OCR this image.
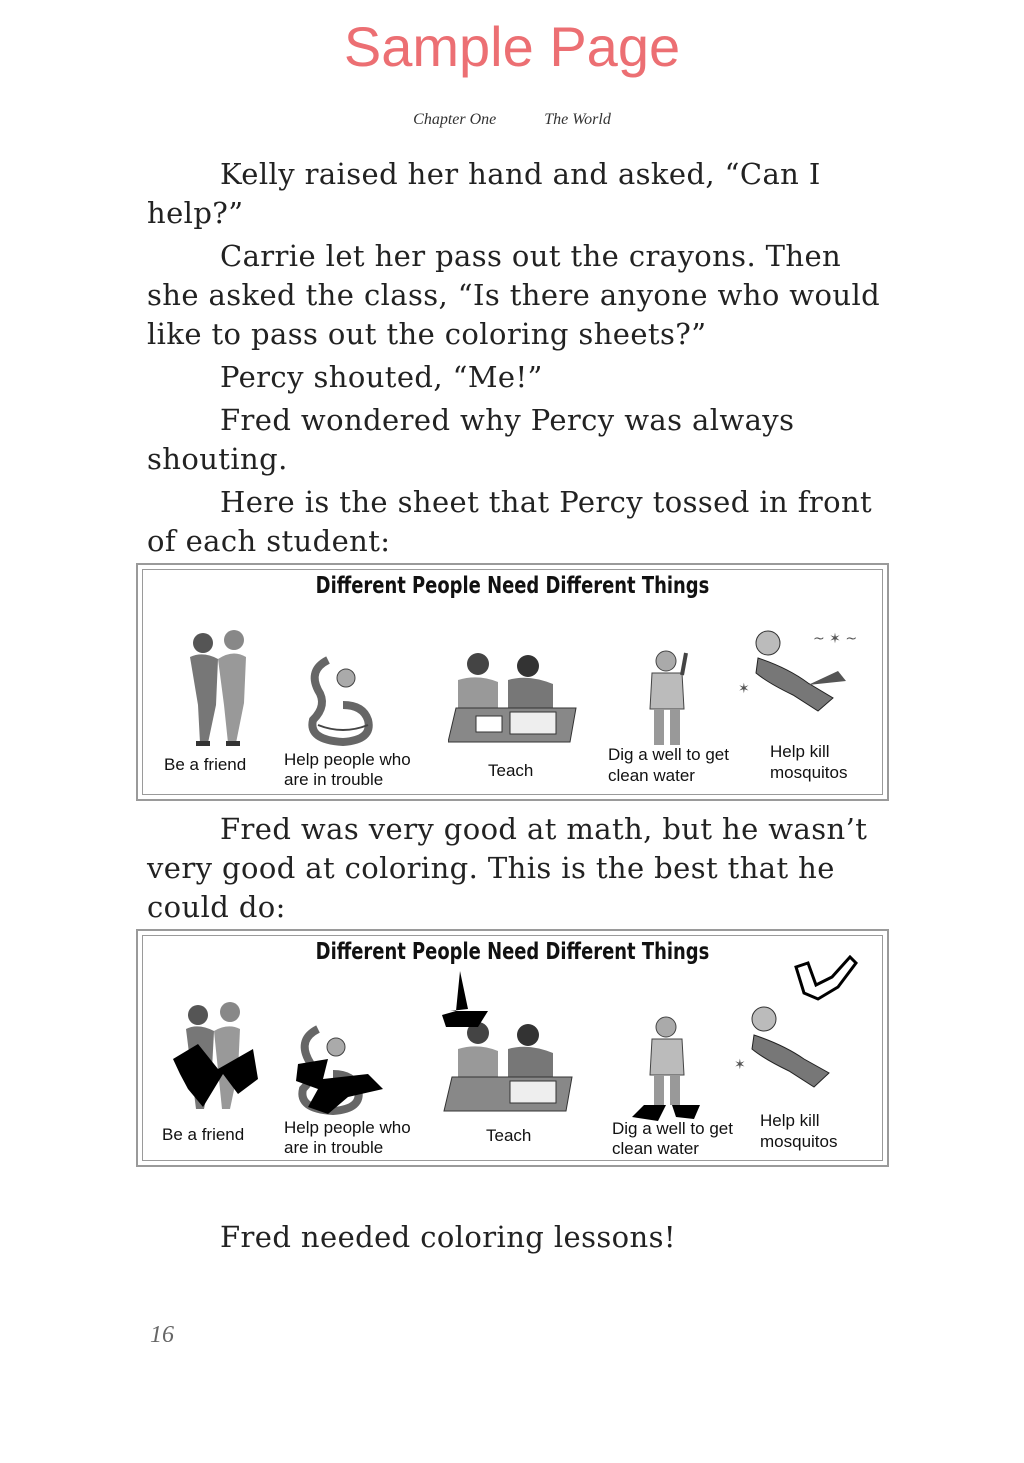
Sample Page
Chapter One	The World

Kelly raised her hand and asked, “Can I help?”

Carrie let her pass out the crayons. Then she asked the class, “Is there anyone who would like to pass out the coloring sheets?”

Percy shouted, “Me!”

Fred wondered why Percy was always shouting.

Here is the sheet that Percy tossed in front of each student:

Different People Need Different Things
~ ✶ ~
✶
Be a friend Help people who
are in trouble	Teach
Dig a well to get
clean water
Help kill
mosquitos

Fred was very good at math, but he wasn’t very good at coloring. This is the best that he could do:

Different People Need Different Things
✶
Be a friend Help people who
are in trouble
Teach	Dig a well to get
clean water
Help kill
mosquitos

Fred needed coloring lessons!

16
